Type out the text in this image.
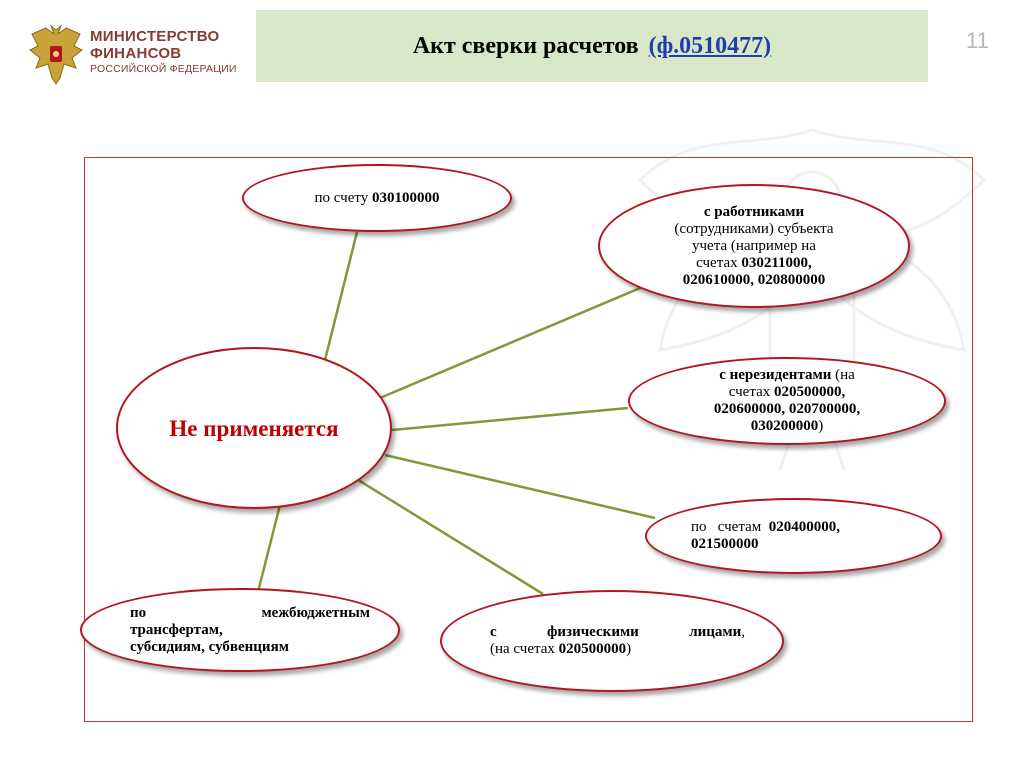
МИНИСТЕРСТВО
ФИНАНСОВ
РОССИЙСКОЙ ФЕДЕРАЦИИ
Акт сверки расчетов (ф.0510477)	11
Не применяется
по счету 030100000
с работниками
(сотрудниками) субъекта
учета (например на
счетах 030211000,
020610000, 020800000
с нерезидентами (на
счетах 020500000,
020600000, 020700000,
030200000)
по   счетам  020400000,
021500000
по	межбюджетным
трансфертам,
субсидиям, субвенциям
с	физическими	лицами,
(на счетах 020500000)
